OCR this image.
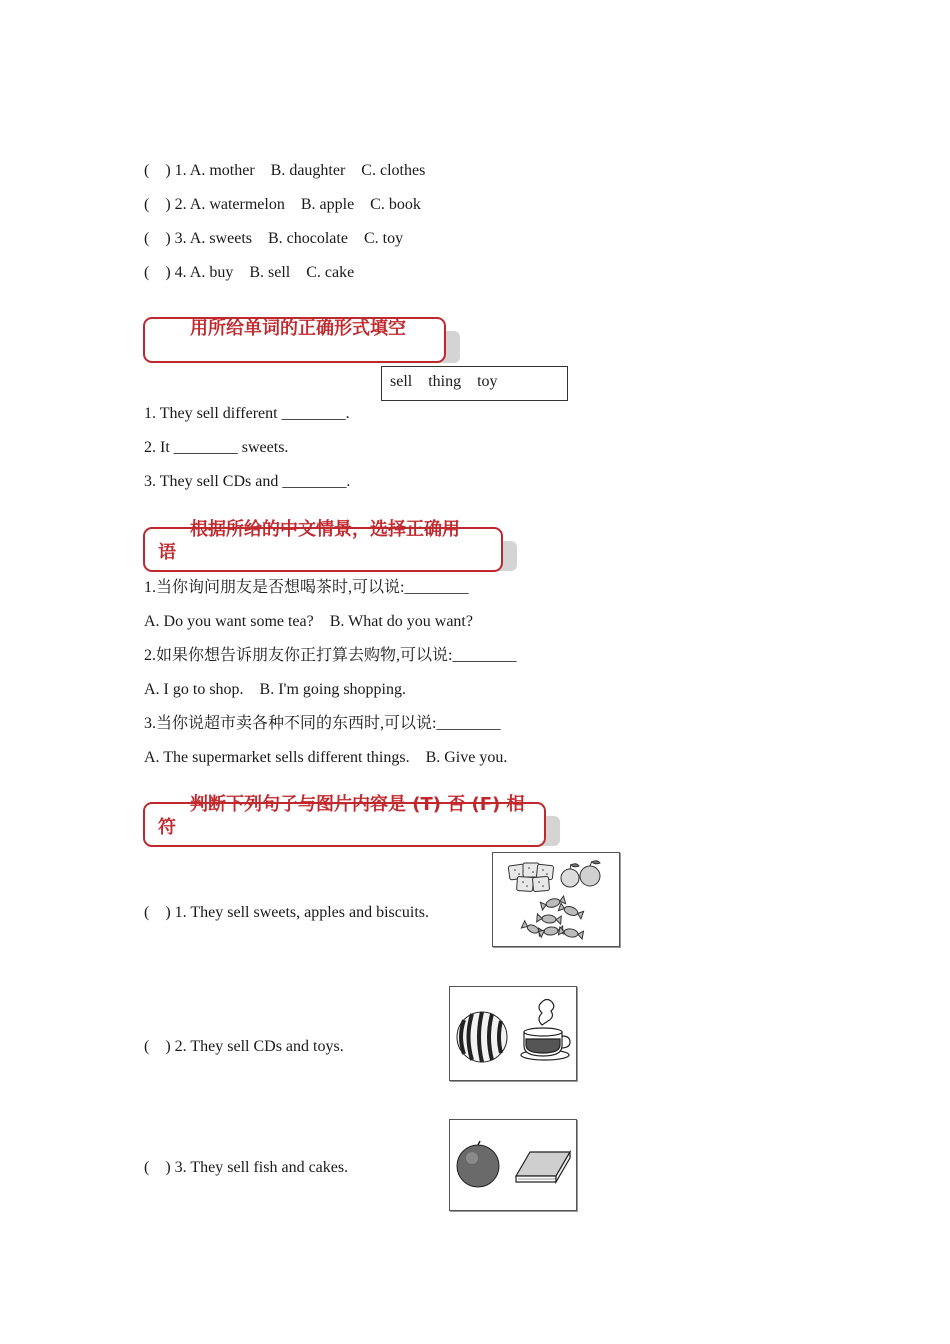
(    ) 1. A. mother    B. daughter    C. clothes
(    ) 2. A. watermelon    B. apple    C. book
(    ) 3. A. sweets    B. chocolate    C. toy
(    ) 4. A. buy    B. sell    C. cake
用所给单词的正确形式填空
sell    thing    toy
1. They sell different ________.
2. It ________ sweets.
3. They sell CDs and ________.
根据所给的中文情景，选择正确用
语
1.当你询问朋友是否想喝茶时,可以说:________
A. Do you want some tea?    B. What do you want?
2.如果你想告诉朋友你正打算去购物,可以说:________
A. I go to shop.    B. I'm going shopping.
3.当你说超市卖各种不同的东西时,可以说:________
A. The supermarket sells different things.    B. Give you.
判断下列句子与图片内容是 (T) 否 (F) 相
符
(    ) 1. They sell sweets, apples and biscuits.
(    ) 2. They sell CDs and toys.
(    ) 3. They sell fish and cakes.
